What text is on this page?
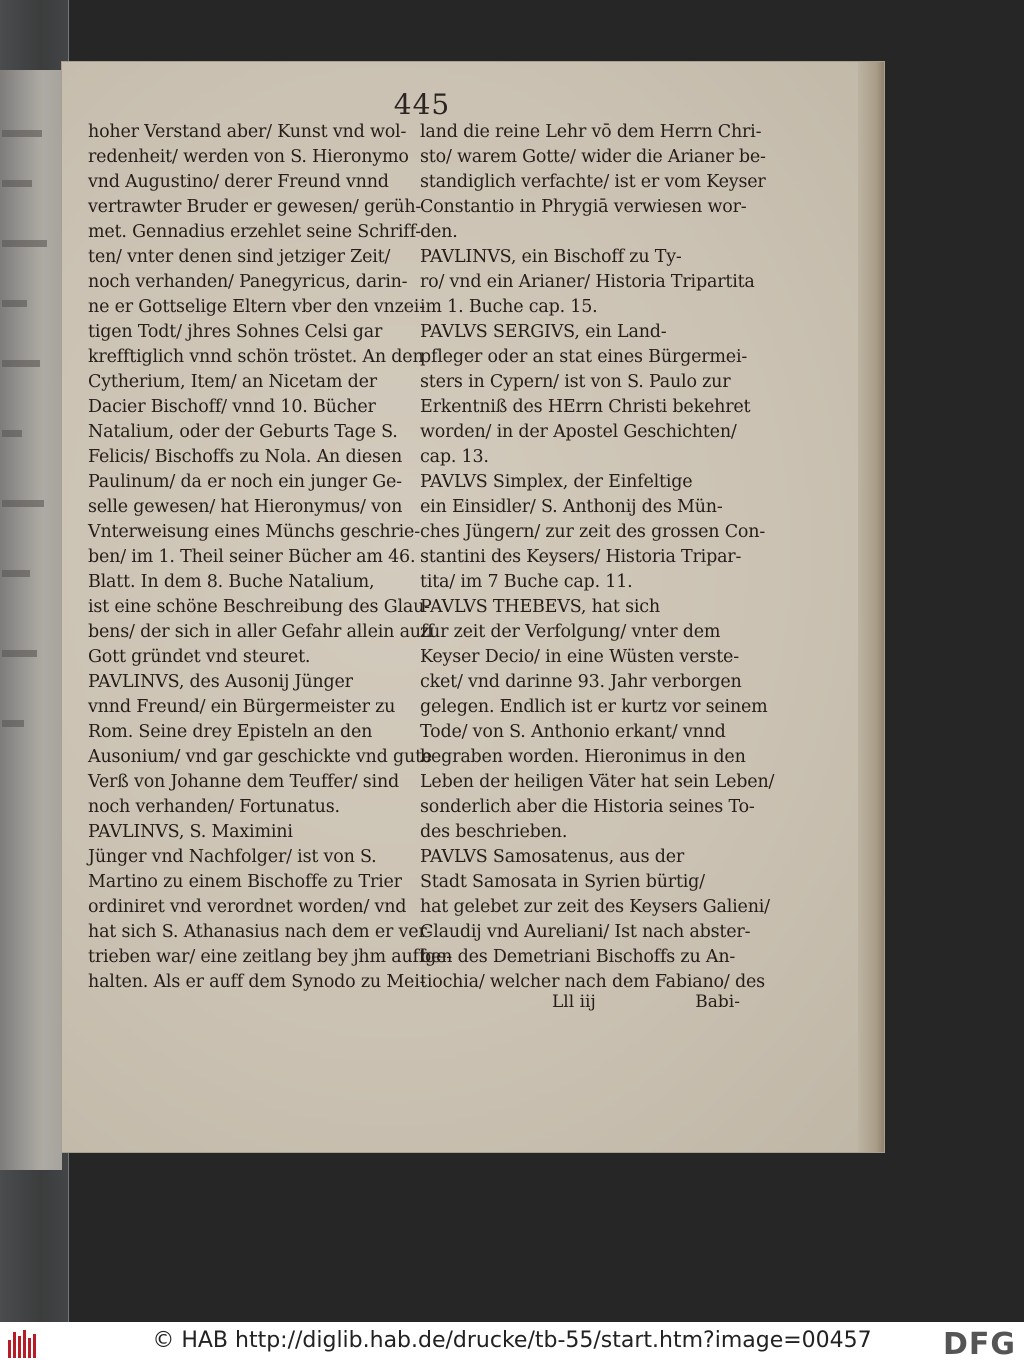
445
hoher Verstand aber/ Kunst vnd wol-
redenheit/ werden von S. Hieronymo
vnd Augustino/ derer Freund vnnd
vertrawter Bruder er gewesen/ gerüh-
met. Gennadius erzehlet seine Schriff-
ten/ vnter denen sind jetziger Zeit/
noch verhanden/ Panegyricus, darin-
ne er Gottselige Eltern vber den vnzei-
tigen Todt/ jhres Sohnes Celsi gar
krefftiglich vnnd schön tröstet. An den
Cytherium, Item/ an Nicetam der
Dacier Bischoff/ vnnd 10. Bücher
Natalium, oder der Geburts Tage S.
Felicis/ Bischoffs zu Nola. An diesen
Paulinum/ da er noch ein junger Ge-
selle gewesen/ hat Hieronymus/ von
Vnterweisung eines Münchs geschrie-
ben/ im 1. Theil seiner Bücher am 46.
Blatt. In dem 8. Buche Natalium,
ist eine schöne Beschreibung des Glau-
bens/ der sich in aller Gefahr allein auff
Gott gründet vnd steuret.
PAVLINVS, des Ausonij Jünger
vnnd Freund/ ein Bürgermeister zu
Rom. Seine drey Episteln an den
Ausonium/ vnd gar geschickte vnd gute
Verß von Johanne dem Teuffer/ sind
noch verhanden/ Fortunatus.
PAVLINVS, S. Maximini
Jünger vnd Nachfolger/ ist von S.
Martino zu einem Bischoffe zu Trier
ordiniret vnd verordnet worden/ vnd
hat sich S. Athanasius nach dem er ver-
trieben war/ eine zeitlang bey jhm auffge-
halten. Als er auff dem Synodo zu Mei-
land die reine Lehr vō dem Herrn Chri-
sto/ warem Gotte/ wider die Arianer be-
standiglich verfachte/ ist er vom Keyser
Constantio in Phrygiā verwiesen wor-
den.
PAVLINVS, ein Bischoff zu Ty-
ro/ vnd ein Arianer/ Historia Tripartita
im 1. Buche cap. 15.
PAVLVS SERGIVS, ein Land-
pfleger oder an stat eines Bürgermei-
sters in Cypern/ ist von S. Paulo zur
Erkentniß des HErrn Christi bekehret
worden/ in der Apostel Geschichten/
cap. 13.
PAVLVS Simplex, der Einfeltige
ein Einsidler/ S. Anthonij des Mün-
ches Jüngern/ zur zeit des grossen Con-
stantini des Keysers/ Historia Tripar-
tita/ im 7 Buche cap. 11.
PAVLVS THEBEVS, hat sich
zur zeit der Verfolgung/ vnter dem
Keyser Decio/ in eine Wüsten verste-
cket/ vnd darinne 93. Jahr verborgen
gelegen. Endlich ist er kurtz vor seinem
Tode/ von S. Anthonio erkant/ vnnd
begraben worden. Hieronimus in den
Leben der heiligen Väter hat sein Leben/
sonderlich aber die Historia seines To-
des beschrieben.
PAVLVS Samosatenus, aus der
Stadt Samosata in Syrien bürtig/
hat gelebet zur zeit des Keysers Galieni/
Claudij vnd Aureliani/ Ist nach abster-
ben des Demetriani Bischoffs zu An-
tiochia/ welcher nach dem Fabiano/ des
Lll iij	Babi-
© HAB http://diglib.hab.de/drucke/tb-55/start.htm?image=00457	DFG
